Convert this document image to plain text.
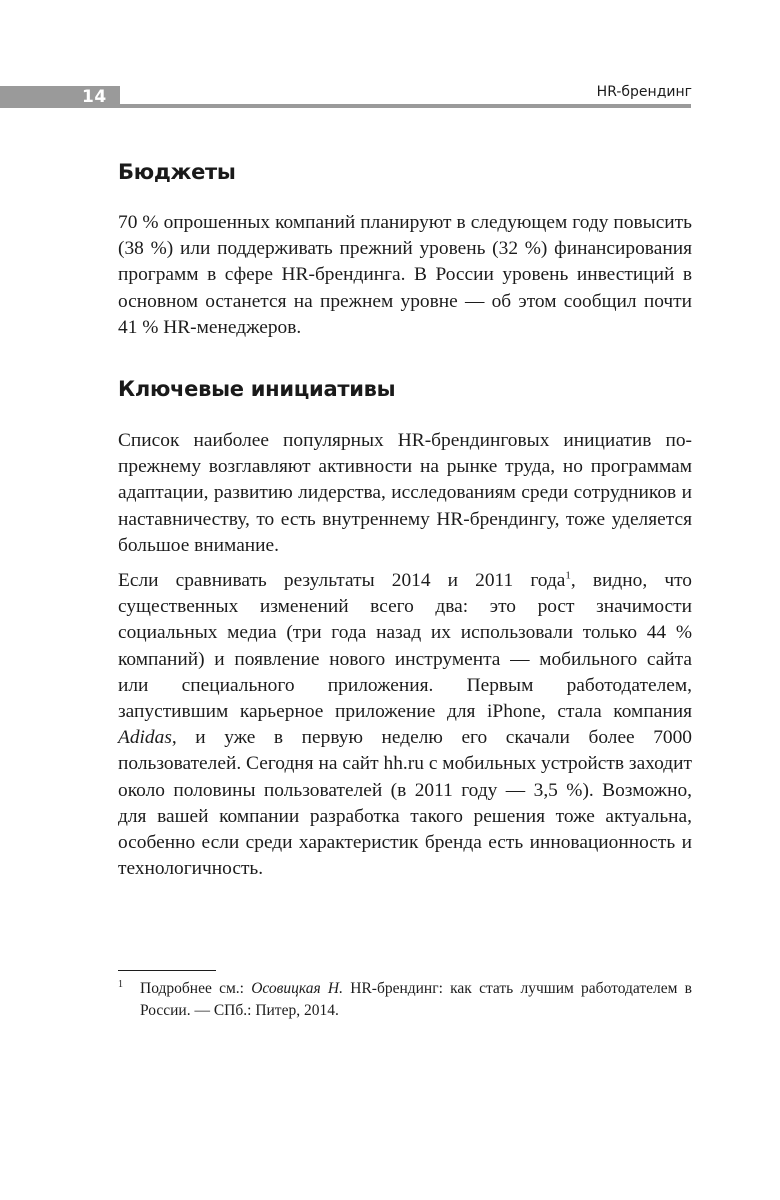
14	HR-брендинг
Бюджеты

70 % опрошенных компаний планируют в следующем году повысить (38 %) или поддерживать прежний уровень (32 %) финансирования программ в сфере HR-брендинга. В России уровень инвестиций в основном останется на прежнем уровне — об этом сообщил почти 41 % HR-менеджеров.

Ключевые инициативы

Список наиболее популярных HR-брендинговых инициатив по-прежнему возглавляют активности на рынке труда, но программам адаптации, развитию лидерства, исследованиям среди сотрудников и наставничеству, то есть внутреннему HR-брендингу, тоже уделяется большое внимание.

Если сравнивать результаты 2014 и 2011 года$^1$, видно, что существенных изменений всего два: это рост значимости социальных медиа (три года назад их использовали только 44 % компаний) и появление нового инструмента — мобильного сайта или специального приложения. Первым работодателем, запустившим карьерное приложение для iPhone, стала компания Adidas, и уже в первую неделю его скачали более 7000 пользователей. Сегодня на сайт hh.ru с мобильных устройств заходит около половины пользователей (в 2011 году — 3,5 %). Возможно, для вашей компании разработка такого решения тоже актуальна, особенно если среди характеристик бренда есть инновационность и технологичность.

1	Подробнее см.: Осовицкая Н. HR-брендинг: как стать лучшим работодателем в России. — СПб.: Питер, 2014.
